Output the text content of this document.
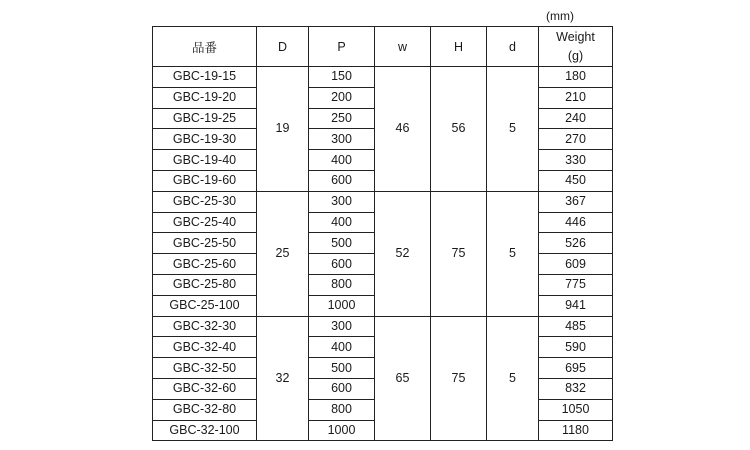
(mm)
品番	D	P	w	H	d	Weight
(g)

GBC-19-15	19	150	46	56	5	180
GBC-19-20		200				210
GBC-19-25		250				240
GBC-19-30		300				270
GBC-19-40		400				330
GBC-19-60		600				450
GBC-25-30	25	300	52	75	5	367
GBC-25-40		400				446
GBC-25-50		500				526
GBC-25-60		600				609
GBC-25-80		800				775
GBC-25-100		1000				941
GBC-32-30	32	300	65	75	5	485
GBC-32-40		400				590
GBC-32-50		500				695
GBC-32-60		600				832
GBC-32-80		800				1050
GBC-32-100		1000				1180
